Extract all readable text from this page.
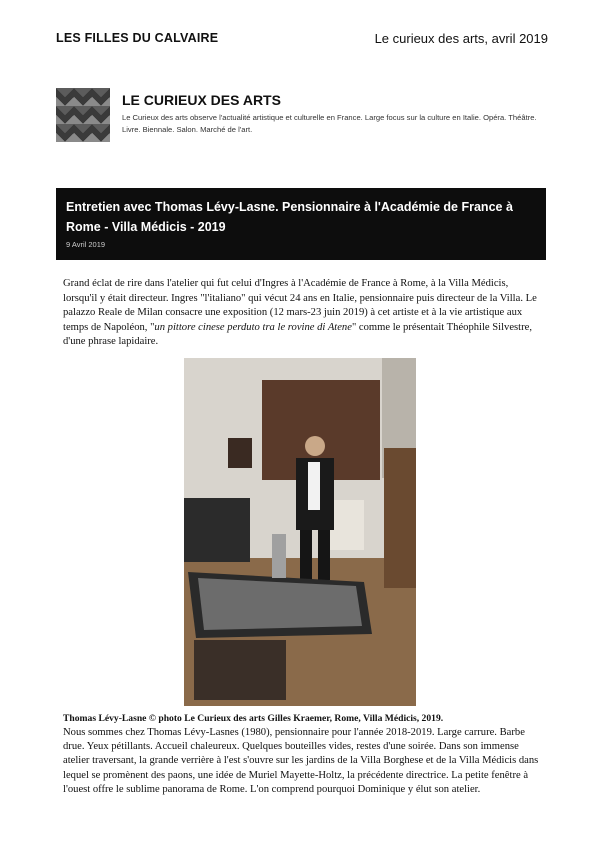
LES FILLES DU CALVAIRE	Le curieux des arts, avril 2019
LE CURIEUX DES ARTS
Le Curieux des arts observe l'actualité artistique et culturelle en France. Large focus sur la culture en Italie. Opéra. Théâtre. Livre. Biennale. Salon. Marché de l'art.
Entretien avec Thomas Lévy-Lasne. Pensionnaire à l'Académie de France à Rome - Villa Médicis - 2019
9 Avril 2019

Grand éclat de rire dans l'atelier qui fut celui d'Ingres à l'Académie de France à Rome, à la Villa Médicis, lorsqu'il y était directeur. Ingres "l'italiano" qui vécut 24 ans en Italie, pensionnaire puis directeur de la Villa. Le palazzo Reale de Milan consacre une exposition (12 mars-23 juin 2019) à cet artiste et à la vie artistique aux temps de Napoléon, "un pittore cinese perduto tra le rovine di Atene" comme le présentait Théophile Silvestre, d'une phrase lapidaire.

Thomas Lévy-Lasne © photo Le Curieux des arts Gilles Kraemer, Rome, Villa Médicis, 2019.

Nous sommes chez Thomas Lévy-Lasnes (1980), pensionnaire pour l'année 2018-2019. Large carrure. Barbe drue. Yeux pétillants. Accueil chaleureux. Quelques bouteilles vides, restes d'une soirée. Dans son immense atelier traversant, la grande verrière à l'est s'ouvre sur les jardins de la Villa Borghese et de la Villa Médicis dans lequel se promènent des paons, une idée de Muriel Mayette-Holtz, la précédente directrice. La petite fenêtre à l'ouest offre le sublime panorama de Rome. L'on comprend pourquoi Dominique y élut son atelier.
